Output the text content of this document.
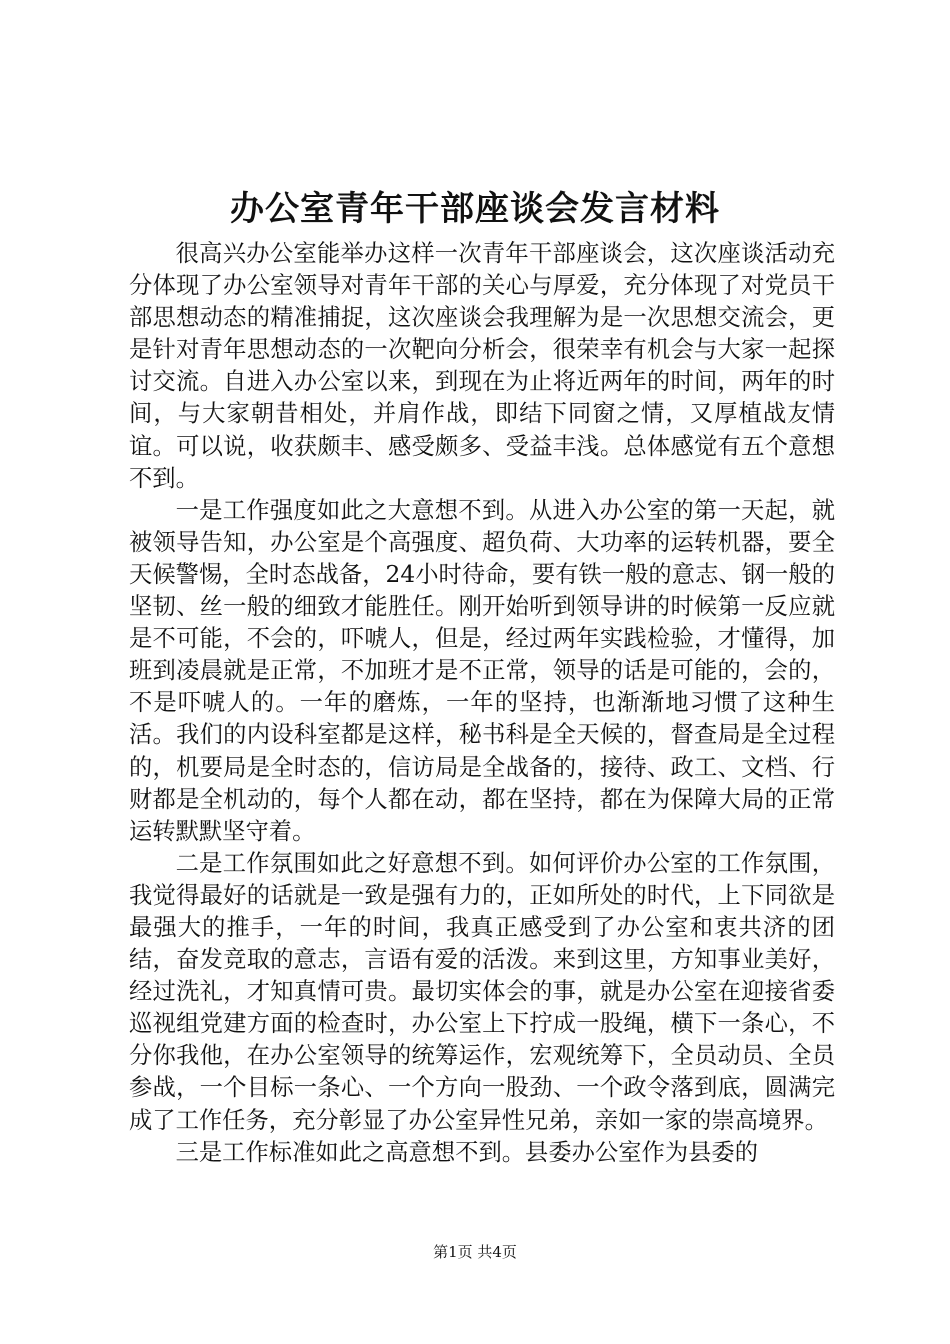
办公室青年干部座谈会发言材料

很高兴办公室能举办这样一次青年干部座谈会，这次座谈活动充分体现了办公室领导对青年干部的关心与厚爱，充分体现了对党员干部思想动态的精准捕捉，这次座谈会我理解为是一次思想交流会，更是针对青年思想动态的一次靶向分析会，很荣幸有机会与大家一起探讨交流。自进入办公室以来，到现在为止将近两年的时间，两年的时间，与大家朝昔相处，并肩作战，即结下同窗之情，又厚植战友情谊。可以说，收获颇丰、感受颇多、受益丰浅。总体感觉有五个意想不到。

一是工作强度如此之大意想不到。从进入办公室的第一天起，就被领导告知，办公室是个高强度、超负荷、大功率的运转机器，要全天候警惕，全时态战备，24小时待命，要有铁一般的意志、钢一般的坚韧、丝一般的细致才能胜任。刚开始听到领导讲的时候第一反应就是不可能，不会的，吓唬人，但是，经过两年实践检验，才懂得，加班到凌晨就是正常，不加班才是不正常，领导的话是可能的，会的，不是吓唬人的。一年的磨炼，一年的坚持，也渐渐地习惯了这种生活。我们的内设科室都是这样，秘书科是全天候的，督查局是全过程的，机要局是全时态的，信访局是全战备的，接待、政工、文档、行财都是全机动的，每个人都在动，都在坚持，都在为保障大局的正常运转默默坚守着。

二是工作氛围如此之好意想不到。如何评价办公室的工作氛围，我觉得最好的话就是一致是强有力的，正如所处的时代，上下同欲是最强大的推手，一年的时间，我真正感受到了办公室和衷共济的团结，奋发竞取的意志，言语有爱的活泼。来到这里，方知事业美好，经过洗礼，才知真情可贵。最切实体会的事，就是办公室在迎接省委巡视组党建方面的检查时，办公室上下拧成一股绳，横下一条心，不分你我他，在办公室领导的统筹运作，宏观统筹下，全员动员、全员参战，一个目标一条心、一个方向一股劲、一个政令落到底，圆满完成了工作任务，充分彰显了办公室异性兄弟，亲如一家的崇高境界。

三是工作标准如此之高意想不到。县委办公室作为县委的

第1页 共4页
